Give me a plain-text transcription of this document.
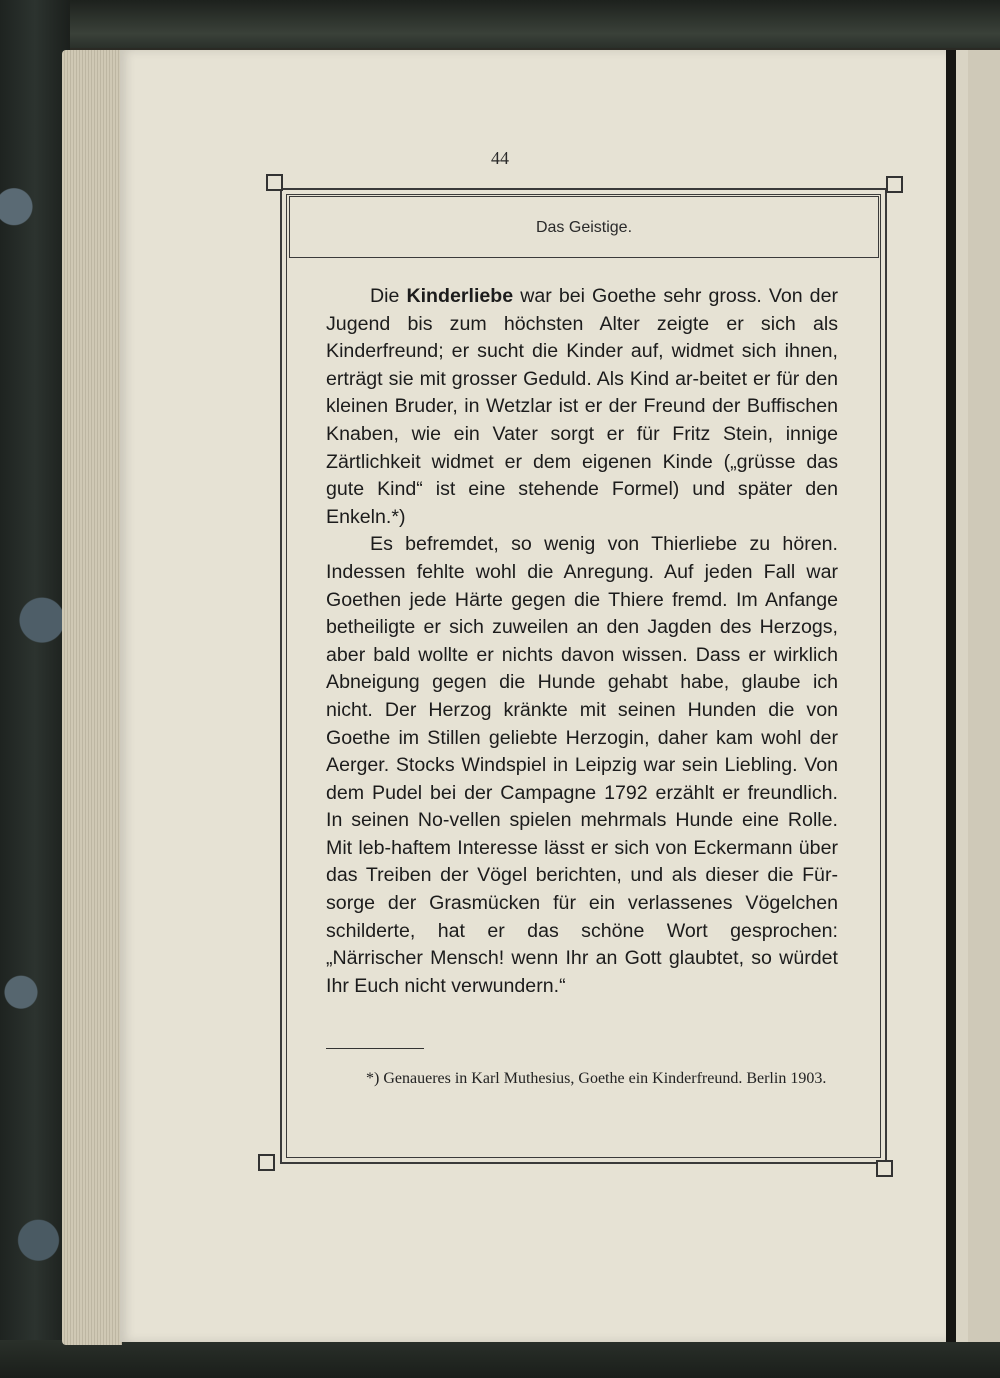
44
Das Geistige.

Die Kinderliebe war bei Goethe sehr gross. Von der Jugend bis zum höchsten Alter zeigte er sich als Kinderfreund; er sucht die Kinder auf, widmet sich ihnen, erträgt sie mit grosser Geduld. Als Kind ar-beitet er für den kleinen Bruder, in Wetzlar ist er der Freund der Buffischen Knaben, wie ein Vater sorgt er für Fritz Stein, innige Zärtlichkeit widmet er dem eigenen Kinde („grüsse das gute Kind“ ist eine stehende Formel) und später den Enkeln.*)

Es befremdet, so wenig von Thierliebe zu hören. Indessen fehlte wohl die Anregung. Auf jeden Fall war Goethen jede Härte gegen die Thiere fremd. Im Anfange betheiligte er sich zuweilen an den Jagden des Herzogs, aber bald wollte er nichts davon wissen. Dass er wirklich Abneigung gegen die Hunde gehabt habe, glaube ich nicht. Der Herzog kränkte mit seinen Hunden die von Goethe im Stillen geliebte Herzogin, daher kam wohl der Aerger. Stocks Windspiel in Leipzig war sein Liebling. Von dem Pudel bei der Campagne 1792 erzählt er freundlich. In seinen No-vellen spielen mehrmals Hunde eine Rolle. Mit leb-haftem Interesse lässt er sich von Eckermann über das Treiben der Vögel berichten, und als dieser die Für-sorge der Grasmücken für ein verlassenes Vögelchen schilderte, hat er das schöne Wort gesprochen: „Närrischer Mensch! wenn Ihr an Gott glaubtet, so würdet Ihr Euch nicht verwundern.“

*) Genaueres in Karl Muthesius, Goethe ein Kinderfreund. Berlin 1903.
